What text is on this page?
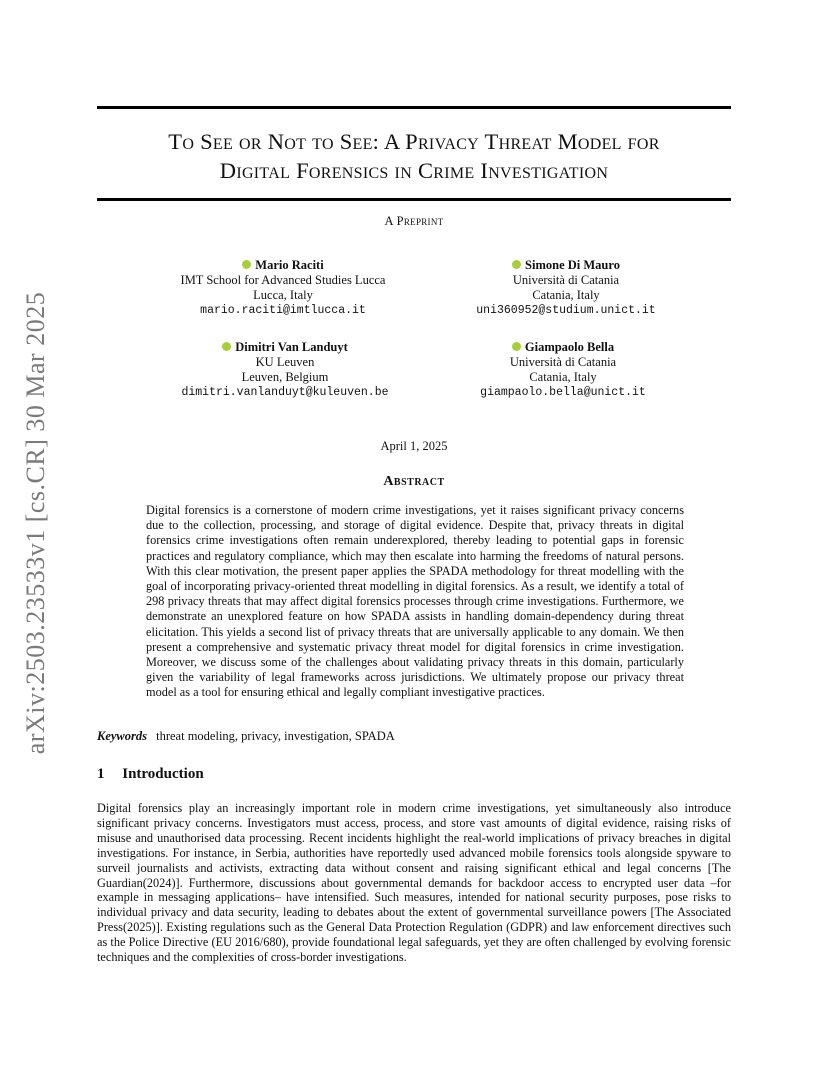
arXiv:2503.23533v1 [cs.CR] 30 Mar 2025
To See or Not to See: A Privacy Threat Model for
Digital Forensics in Crime Investigation
A Preprint
Mario Raciti
IMT School for Advanced Studies Lucca
Lucca, Italy
mario.raciti@imtlucca.it
Simone Di Mauro
Università di Catania
Catania, Italy
uni360952@studium.unict.it
Dimitri Van Landuyt
KU Leuven
Leuven, Belgium
dimitri.vanlanduyt@kuleuven.be
Giampaolo Bella
Università di Catania
Catania, Italy
giampaolo.bella@unict.it
April 1, 2025
Abstract
Digital forensics is a cornerstone of modern crime investigations, yet it raises significant privacy concerns due to the collection, processing, and storage of digital evidence. Despite that, privacy threats in digital forensics crime investigations often remain underexplored, thereby leading to potential gaps in forensic practices and regulatory compliance, which may then escalate into harming the freedoms of natural persons. With this clear motivation, the present paper applies the SPADA methodology for threat modelling with the goal of incorporating privacy-oriented threat modelling in digital forensics. As a result, we identify a total of 298 privacy threats that may affect digital forensics processes through crime investigations. Furthermore, we demonstrate an unexplored feature on how SPADA assists in handling domain-dependency during threat elicitation. This yields a second list of privacy threats that are universally applicable to any domain. We then present a comprehensive and systematic privacy threat model for digital forensics in crime investigation. Moreover, we discuss some of the challenges about validating privacy threats in this domain, particularly given the variability of legal frameworks across jurisdictions. We ultimately propose our privacy threat model as a tool for ensuring ethical and legally compliant investigative practices.
Keywords threat modeling, privacy, investigation, SPADA
1 Introduction
Digital forensics play an increasingly important role in modern crime investigations, yet simultaneously also introduce significant privacy concerns. Investigators must access, process, and store vast amounts of digital evidence, raising risks of misuse and unauthorised data processing. Recent incidents highlight the real-world implications of privacy breaches in digital investigations. For instance, in Serbia, authorities have reportedly used advanced mobile forensics tools alongside spyware to surveil journalists and activists, extracting data without consent and raising significant ethical and legal concerns [The Guardian(2024)]. Furthermore, discussions about governmental demands for backdoor access to encrypted user data –for example in messaging applications– have intensified. Such measures, intended for national security purposes, pose risks to individual privacy and data security, leading to debates about the extent of governmental surveillance powers [The Associated Press(2025)]. Existing regulations such as the General Data Protection Regulation (GDPR) and law enforcement directives such as the Police Directive (EU 2016/680), provide foundational legal safeguards, yet they are often challenged by evolving forensic techniques and the complexities of cross-border investigations.
